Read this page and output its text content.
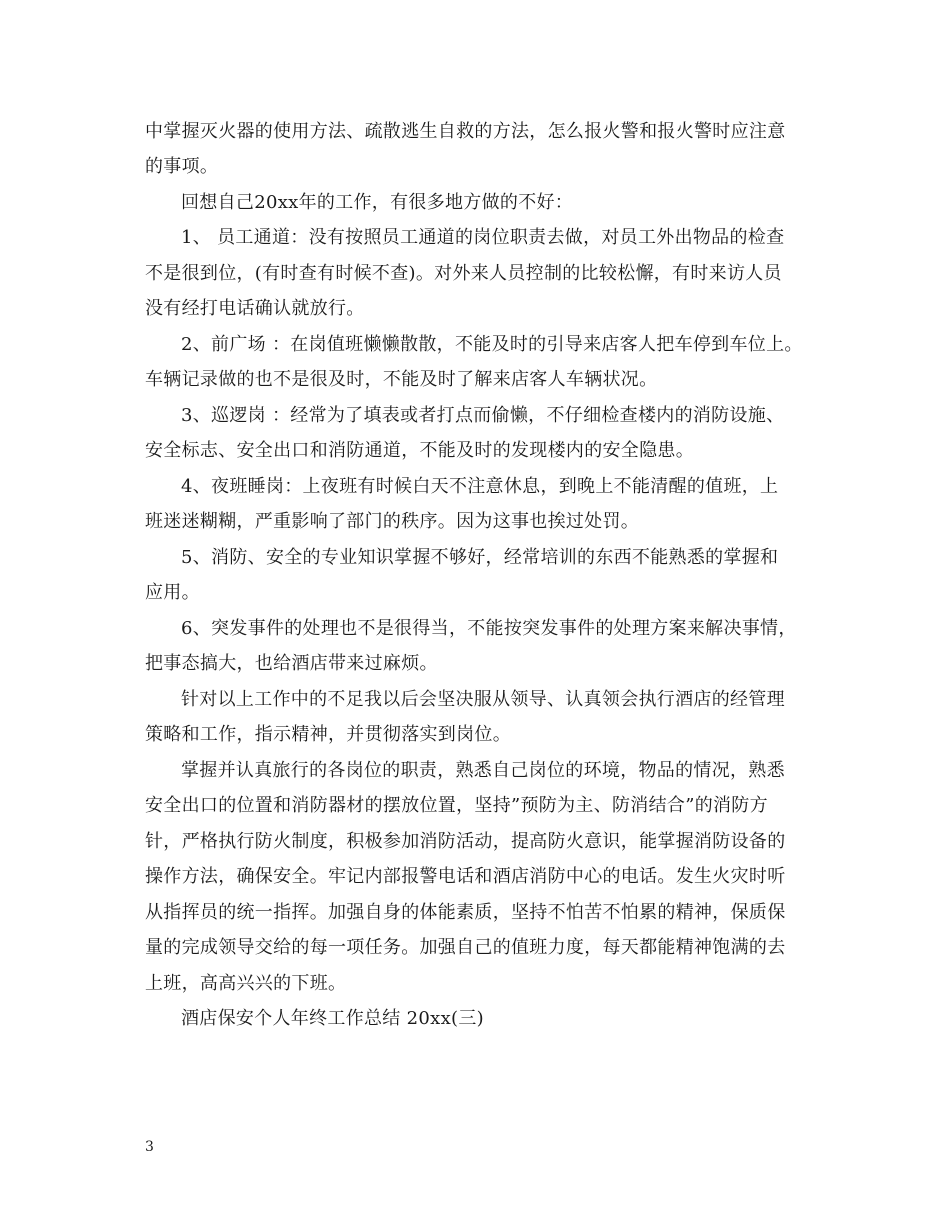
中掌握灭火器的使用方法、疏散逃生自救的方法，怎么报火警和报火警时应注意
的事项。
回想自己20xx年的工作，有很多地方做的不好：
1、 员工通道：没有按照员工通道的岗位职责去做，对员工外出物品的检查
不是很到位，(有时查有时候不查)。对外来人员控制的比较松懈，有时来访人员
没有经打电话确认就放行。
2、前广场 ：在岗值班懒懒散散，不能及时的引导来店客人把车停到车位上。
车辆记录做的也不是很及时，不能及时了解来店客人车辆状况。
3、巡逻岗 ：经常为了填表或者打点而偷懒，不仔细检查楼内的消防设施、
安全标志、安全出口和消防通道，不能及时的发现楼内的安全隐患。
4、夜班睡岗：上夜班有时候白天不注意休息，到晚上不能清醒的值班，上
班迷迷糊糊，严重影响了部门的秩序。因为这事也挨过处罚。
5、消防、安全的专业知识掌握不够好，经常培训的东西不能熟悉的掌握和
应用。
6、突发事件的处理也不是很得当，不能按突发事件的处理方案来解决事情，
把事态搞大，也给酒店带来过麻烦。
针对以上工作中的不足我以后会坚决服从领导、认真领会执行酒店的经管理
策略和工作，指示精神，并贯彻落实到岗位。
掌握并认真旅行的各岗位的职责，熟悉自己岗位的环境，物品的情况，熟悉
安全出口的位置和消防器材的摆放位置，坚持”预防为主、防消结合”的消防方
针，严格执行防火制度，积极参加消防活动，提高防火意识，能掌握消防设备的
操作方法，确保安全。牢记内部报警电话和酒店消防中心的电话。发生火灾时听
从指挥员的统一指挥。加强自身的体能素质，坚持不怕苦不怕累的精神，保质保
量的完成领导交给的每一项任务。加强自己的值班力度，每天都能精神饱满的去
上班，高高兴兴的下班。
酒店保安个人年终工作总结 20xx(三)
3
